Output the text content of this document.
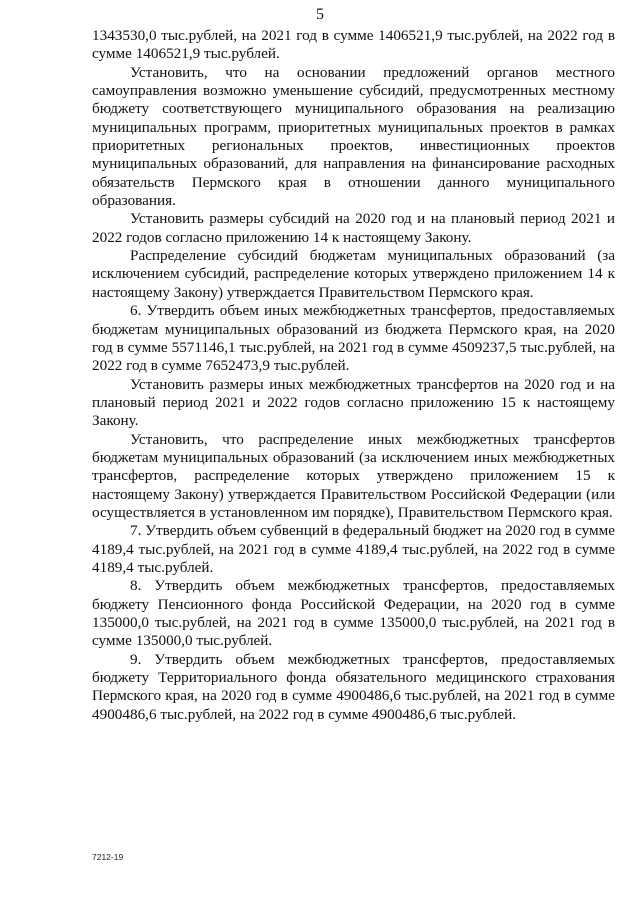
5

1343530,0 тыс.рублей, на 2021 год в сумме 1406521,9 тыс.рублей, на 2022 год в сумме 1406521,9 тыс.рублей.

Установить, что на основании предложений органов местного самоуправления возможно уменьшение субсидий, предусмотренных местному бюджету соответствующего муниципального образования на реализацию муниципальных программ, приоритетных муниципальных проектов в рамках приоритетных региональных проектов, инвестиционных проектов муниципальных образований, для направления на финансирование расходных обязательств Пермского края в отношении данного муниципального образования.

Установить размеры субсидий на 2020 год и на плановый период 2021 и 2022 годов согласно приложению 14 к настоящему Закону.

Распределение субсидий бюджетам муниципальных образований (за исключением субсидий, распределение которых утверждено приложением 14 к настоящему Закону) утверждается Правительством Пермского края.

6. Утвердить объем иных межбюджетных трансфертов, предоставляемых бюджетам муниципальных образований из бюджета Пермского края, на 2020 год в сумме 5571146,1 тыс.рублей, на 2021 год в сумме 4509237,5 тыс.рублей, на 2022 год в сумме 7652473,9 тыс.рублей.

Установить размеры иных межбюджетных трансфертов на 2020 год и на плановый период 2021 и 2022 годов согласно приложению 15 к настоящему Закону.

Установить, что распределение иных межбюджетных трансфертов бюджетам муниципальных образований (за исключением иных межбюджетных трансфертов, распределение которых утверждено приложением 15 к настоящему Закону) утверждается Правительством Российской Федерации (или осуществляется в установленном им порядке), Правительством Пермского края.

7. Утвердить объем субвенций в федеральный бюджет на 2020 год в сумме 4189,4 тыс.рублей, на 2021 год в сумме 4189,4 тыс.рублей, на 2022 год в сумме 4189,4 тыс.рублей.

8. Утвердить объем межбюджетных трансфертов, предоставляемых бюджету Пенсионного фонда Российской Федерации, на 2020 год в сумме 135000,0 тыс.рублей, на 2021 год в сумме 135000,0 тыс.рублей, на 2021 год в сумме 135000,0 тыс.рублей.

9. Утвердить объем межбюджетных трансфертов, предоставляемых бюджету Территориального фонда обязательного медицинского страхования Пермского края, на 2020 год в сумме 4900486,6 тыс.рублей, на 2021 год в сумме 4900486,6 тыс.рублей, на 2022 год в сумме 4900486,6 тыс.рублей.

7212-19
